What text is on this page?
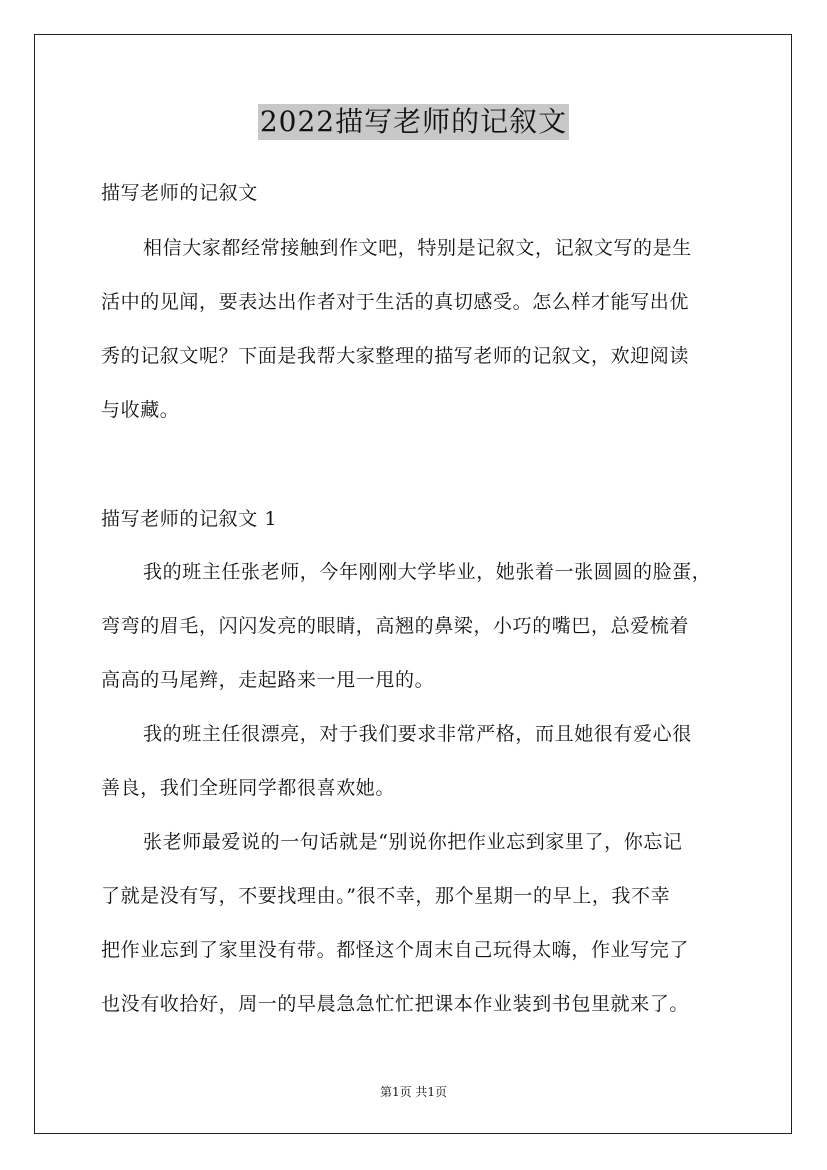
2022描写老师的记叙文
描写老师的记叙文
相信大家都经常接触到作文吧，特别是记叙文，记叙文写的是生
活中的见闻，要表达出作者对于生活的真切感受。怎么样才能写出优
秀的记叙文呢？下面是我帮大家整理的描写老师的记叙文，欢迎阅读
与收藏。
描写老师的记叙文 1
我的班主任张老师，今年刚刚大学毕业，她张着一张圆圆的脸蛋，
弯弯的眉毛，闪闪发亮的眼睛，高翘的鼻梁，小巧的嘴巴，总爱梳着
高高的马尾辫，走起路来一甩一甩的。
我的班主任很漂亮，对于我们要求非常严格，而且她很有爱心很
善良，我们全班同学都很喜欢她。
张老师最爱说的一句话就是“别说你把作业忘到家里了，你忘记
了就是没有写，不要找理由。”很不幸，那个星期一的早上，我不幸
把作业忘到了家里没有带。都怪这个周末自己玩得太嗨，作业写完了
也没有收拾好，周一的早晨急急忙忙把课本作业装到书包里就来了。
第1页 共1页
